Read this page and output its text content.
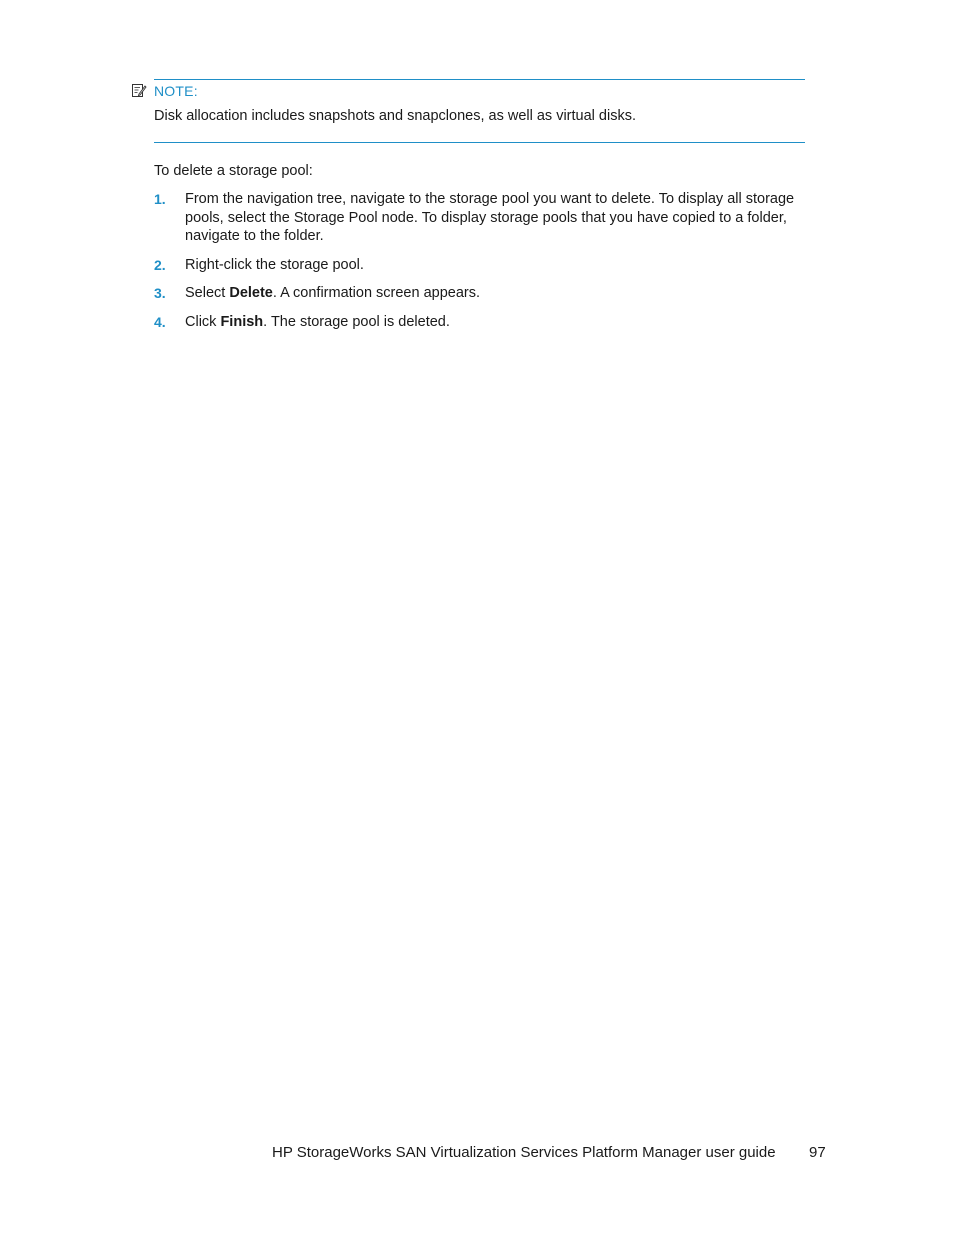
NOTE:
Disk allocation includes snapshots and snapclones, as well as virtual disks.
To delete a storage pool:
1. From the navigation tree, navigate to the storage pool you want to delete. To display all storage pools, select the Storage Pool node. To display storage pools that you have copied to a folder, navigate to the folder.
2. Right-click the storage pool.
3. Select Delete. A confirmation screen appears.
4. Click Finish. The storage pool is deleted.
HP StorageWorks SAN Virtualization Services Platform Manager user guide 97
